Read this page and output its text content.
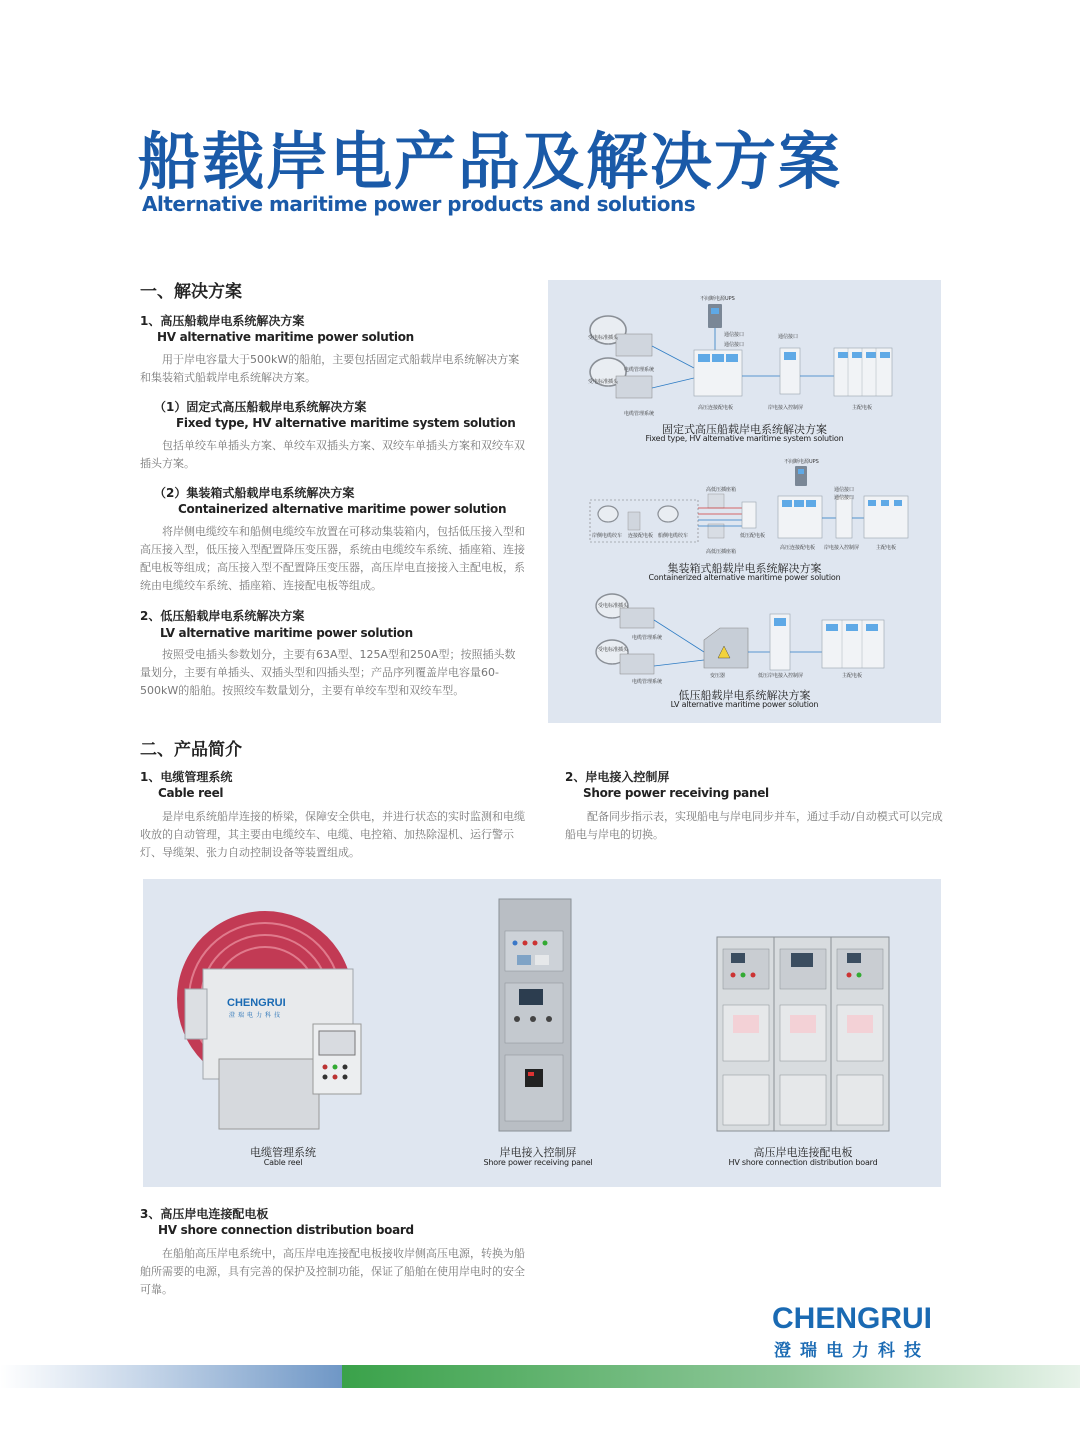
船载岸电产品及解决方案
Alternative maritime power products and solutions
一、解决方案
1、高压船载岸电系统解决方案
HV alternative maritime power solution
用于岸电容量大于500kW的船舶，主要包括固定式船载岸电系统解决方案和集装箱式船载岸电系统解决方案。
（1）固定式高压船载岸电系统解决方案
Fixed type, HV alternative maritime system solution
包括单绞车单插头方案、单绞车双插头方案、双绞车单插头方案和双绞车双插头方案。
（2）集装箱式船载岸电系统解决方案
Containerized alternative maritime power solution
将岸侧电缆绞车和船侧电缆绞车放置在可移动集装箱内，包括低压接入型和高压接入型，低压接入型配置降压变压器，系统由电缆绞车系统、插座箱、连接配电板等组成；高压接入型不配置降压变压器，高压岸电直接接入主配电板，系统由电缆绞车系统、插座箱、连接配电板等组成。
2、低压船载岸电系统解决方案
LV alternative maritime power solution
按照受电插头参数划分，主要有63A型、125A型和250A型；按照插头数量划分，主要有单插头、双插头型和四插头型；产品序列覆盖岸电容量60-500kW的船舶。按照绞车数量划分，主要有单绞车型和双绞车型。
不间断电源UPS
受电标准插头
受电标准插头
电缆管理系统
电缆管理系统
通信接口
通信接口
通信接口
高压连接配电板	岸电接入控制屏	主配电板
固定式高压船载岸电系统解决方案
Fixed type, HV alternative maritime system solution
不间断电源UPS
通信接口
通信接口
高低压插座箱
高低压插座箱
低压配电板
岸侧电缆绞车 连接配电板 船侧电缆绞车
高压连接配电板 岸电接入控制屏	主配电板
集装箱式船载岸电系统解决方案
Containerized alternative maritime power solution
受电标准插头
受电标准插头
电缆管理系统
电缆管理系统
变压器	低压岸电接入控制屏	主配电板
低压船载岸电系统解决方案
LV alternative maritime power solution
二、产品简介
1、电缆管理系统
Cable reel
是岸电系统船岸连接的桥梁，保障安全供电，并进行状态的实时监测和电缆收放的自动管理，其主要由电缆绞车、电缆、电控箱、加热除湿机、运行警示灯、导缆架、张力自动控制设备等装置组成。
2、岸电接入控制屏
Shore power receiving panel
配备同步指示表，实现船电与岸电同步并车，通过手动/自动模式可以完成船电与岸电的切换。
CHENGRUI
澄瑞电力科技
电缆管理系统
Cable reel
岸电接入控制屏
Shore power receiving panel
高压岸电连接配电板
HV shore connection distribution board
3、高压岸电连接配电板
HV shore connection distribution board
在船舶高压岸电系统中，高压岸电连接配电板接收岸侧高压电源，转换为船舶所需要的电源，具有完善的保护及控制功能，保证了船舶在使用岸电时的安全可靠。
CHENGRUI
澄瑞电力科技
